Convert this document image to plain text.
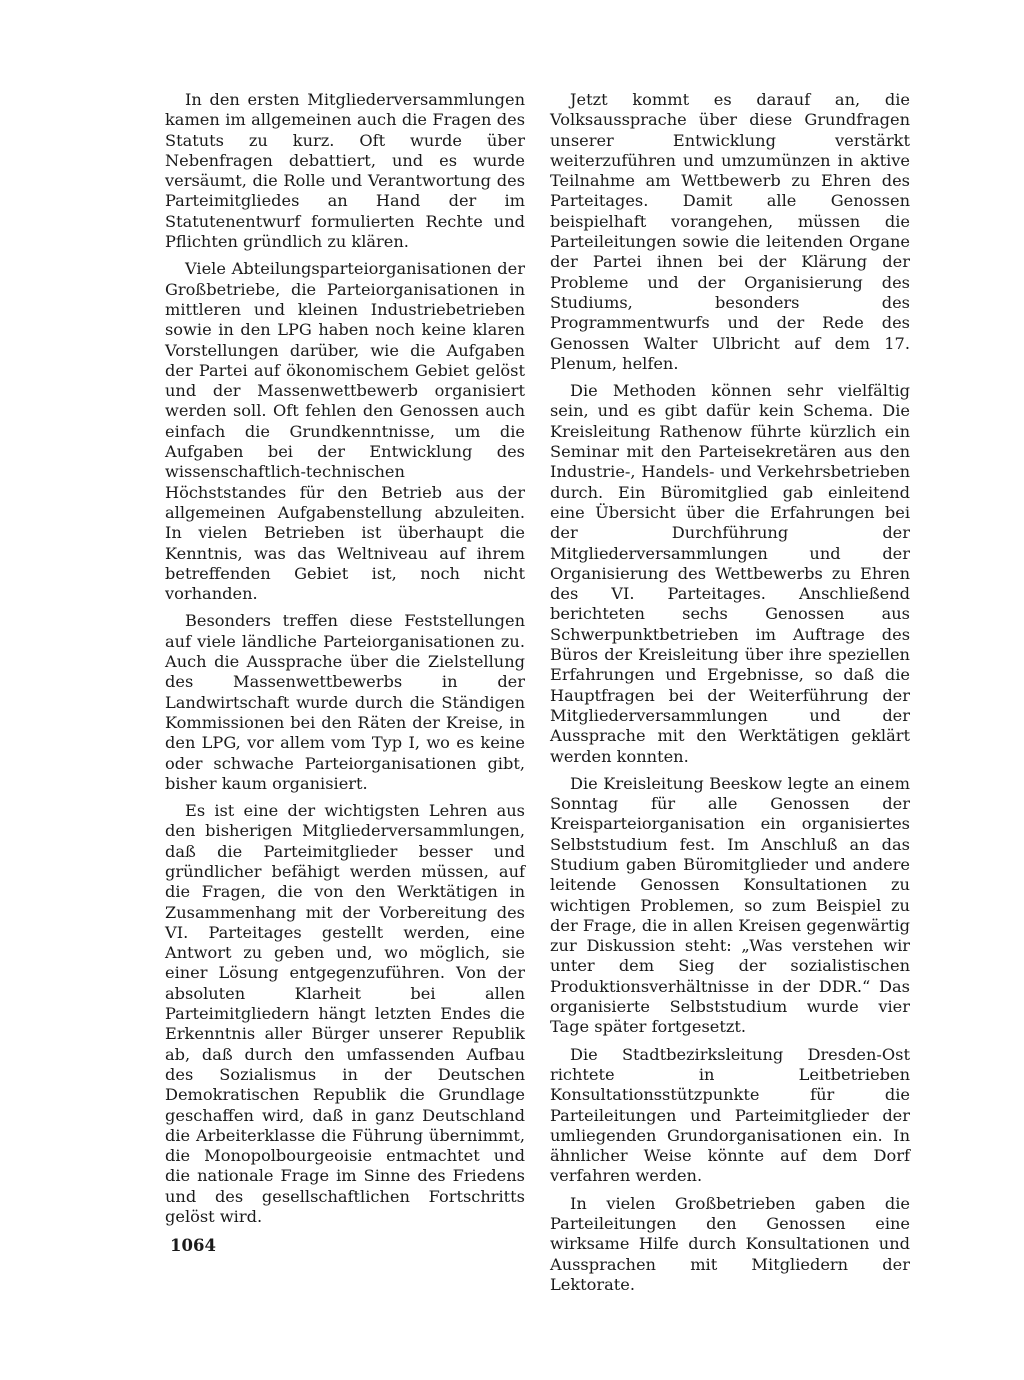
In den ersten Mitgliederversammlungen kamen im allgemeinen auch die Fragen des Statuts zu kurz. Oft wurde über Nebenfragen debattiert, und es wurde versäumt, die Rolle und Verantwortung des Parteimitgliedes an Hand der im Statutenentwurf formulierten Rechte und Pflichten gründlich zu klären.

Viele Abteilungsparteiorganisationen der Großbetriebe, die Parteiorganisationen in mittleren und kleinen Industriebetrieben sowie in den LPG haben noch keine klaren Vorstellungen darüber, wie die Aufgaben der Partei auf ökonomischem Gebiet gelöst und der Massenwettbewerb organisiert werden soll. Oft fehlen den Genossen auch einfach die Grundkenntnisse, um die Aufgaben bei der Entwicklung des wissenschaftlich-technischen Höchststandes für den Betrieb aus der allgemeinen Aufgabenstellung abzuleiten. In vielen Betrieben ist überhaupt die Kenntnis, was das Weltniveau auf ihrem betreffenden Gebiet ist, noch nicht vorhanden.

Besonders treffen diese Feststellungen auf viele ländliche Parteiorganisationen zu. Auch die Aussprache über die Zielstellung des Massenwettbewerbs in der Landwirtschaft wurde durch die Ständigen Kommissionen bei den Räten der Kreise, in den LPG, vor allem vom Typ I, wo es keine oder schwache Parteiorganisationen gibt, bisher kaum organisiert.

Es ist eine der wichtigsten Lehren aus den bisherigen Mitgliederversammlungen, daß die Parteimitglieder besser und gründlicher befähigt werden müssen, auf die Fragen, die von den Werktätigen in Zusammenhang mit der Vorbereitung des VI. Parteitages gestellt werden, eine Antwort zu geben und, wo möglich, sie einer Lösung entgegenzuführen. Von der absoluten Klarheit bei allen Parteimitgliedern hängt letzten Endes die Erkenntnis aller Bürger unserer Republik ab, daß durch den umfassenden Aufbau des Sozialismus in der Deutschen Demokratischen Republik die Grundlage geschaffen wird, daß in ganz Deutschland die Arbeiterklasse die Führung übernimmt, die Monopolbourgeoisie entmachtet und die nationale Frage im Sinne des Friedens und des gesellschaftlichen Fortschritts gelöst wird.

Jetzt kommt es darauf an, die Volksaussprache über diese Grundfragen unserer Entwicklung verstärkt weiterzuführen und umzumünzen in aktive Teilnahme am Wettbewerb zu Ehren des Parteitages. Damit alle Genossen beispielhaft vorangehen, müssen die Parteileitungen sowie die leitenden Organe der Partei ihnen bei der Klärung der Probleme und der Organisierung des Studiums, besonders des Programmentwurfs und der Rede des Genossen Walter Ulbricht auf dem 17. Plenum, helfen.

Die Methoden können sehr vielfältig sein, und es gibt dafür kein Schema. Die Kreisleitung Rathenow führte kürzlich ein Seminar mit den Parteisekretären aus den Industrie-, Handels- und Verkehrsbetrieben durch. Ein Büromitglied gab einleitend eine Übersicht über die Erfahrungen bei der Durchführung der Mitgliederversammlungen und der Organisierung des Wettbewerbs zu Ehren des VI. Parteitages. Anschließend berichteten sechs Genossen aus Schwerpunktbetrieben im Auftrage des Büros der Kreisleitung über ihre speziellen Erfahrungen und Ergebnisse, so daß die Hauptfragen bei der Weiterführung der Mitgliederversammlungen und der Aussprache mit den Werktätigen geklärt werden konnten.

Die Kreisleitung Beeskow legte an einem Sonntag für alle Genossen der Kreisparteiorganisation ein organisiertes Selbststudium fest. Im Anschluß an das Studium gaben Büromitglieder und andere leitende Genossen Konsultationen zu wichtigen Problemen, so zum Beispiel zu der Frage, die in allen Kreisen gegenwärtig zur Diskussion steht: „Was verstehen wir unter dem Sieg der sozialistischen Produktionsverhältnisse in der DDR.“ Das organisierte Selbststudium wurde vier Tage später fortgesetzt.

Die Stadtbezirksleitung Dresden-Ost richtete in Leitbetrieben Konsultationsstützpunkte für die Parteileitungen und Parteimitglieder der umliegenden Grundorganisationen ein. In ähnlicher Weise könnte auf dem Dorf verfahren werden.

In vielen Großbetrieben gaben die Parteileitungen den Genossen eine wirksame Hilfe durch Konsultationen und Aussprachen mit Mitgliedern der Lektorate.

1064
